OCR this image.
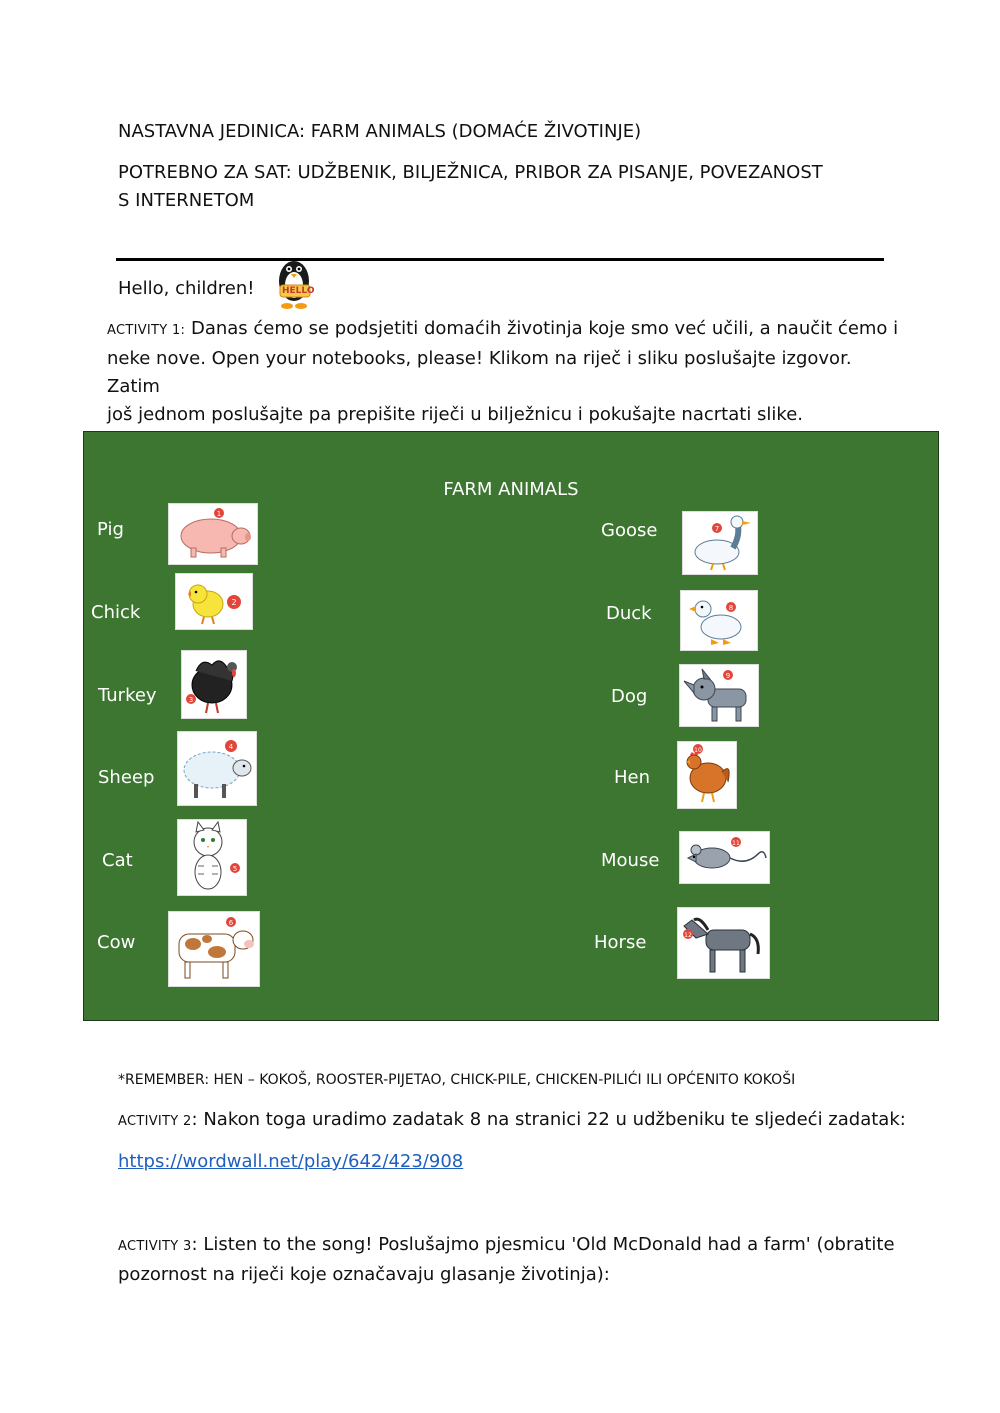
NASTAVNA JEDINICA: FARM ANIMALS (DOMAĆE ŽIVOTINJE)
POTREBNO ZA SAT: UDŽBENIK, BILJEŽNICA, PRIBOR ZA PISANJE, POVEZANOST
S INTERNETOM
Hello, children!	HELLO
ACTIVITY 1: Danas ćemo se podsjetiti domaćih životinja koje smo već učili, a naučit ćemo i
neke nove. Open your notebooks, please! Klikom na riječ i sliku poslušajte izgovor. Zatim
još jednom poslušajte pa prepišite riječi u bilježnicu i pokušajte nacrtati slike.
FARM ANIMALS
Pig
Chick
Turkey
Sheep
Cat
Cow
Goose
Duck
Dog
Hen
Mouse
Horse
1
2
3
4
5
6
7
8
9
10
11
12
*REMEMBER: HEN – KOKOŠ, ROOSTER-PIJETAO, CHICK-PILE, CHICKEN-PILIĆI ILI OPĆENITO KOKOŠI
ACTIVITY 2: Nakon toga uradimo zadatak 8 na stranici 22 u udžbeniku te sljedeći zadatak:
https://wordwall.net/play/642/423/908
ACTIVITY 3: Listen to the song! Poslušajmo pjesmicu 'Old McDonald had a farm' (obratite
pozornost na riječi koje označavaju glasanje životinja):
